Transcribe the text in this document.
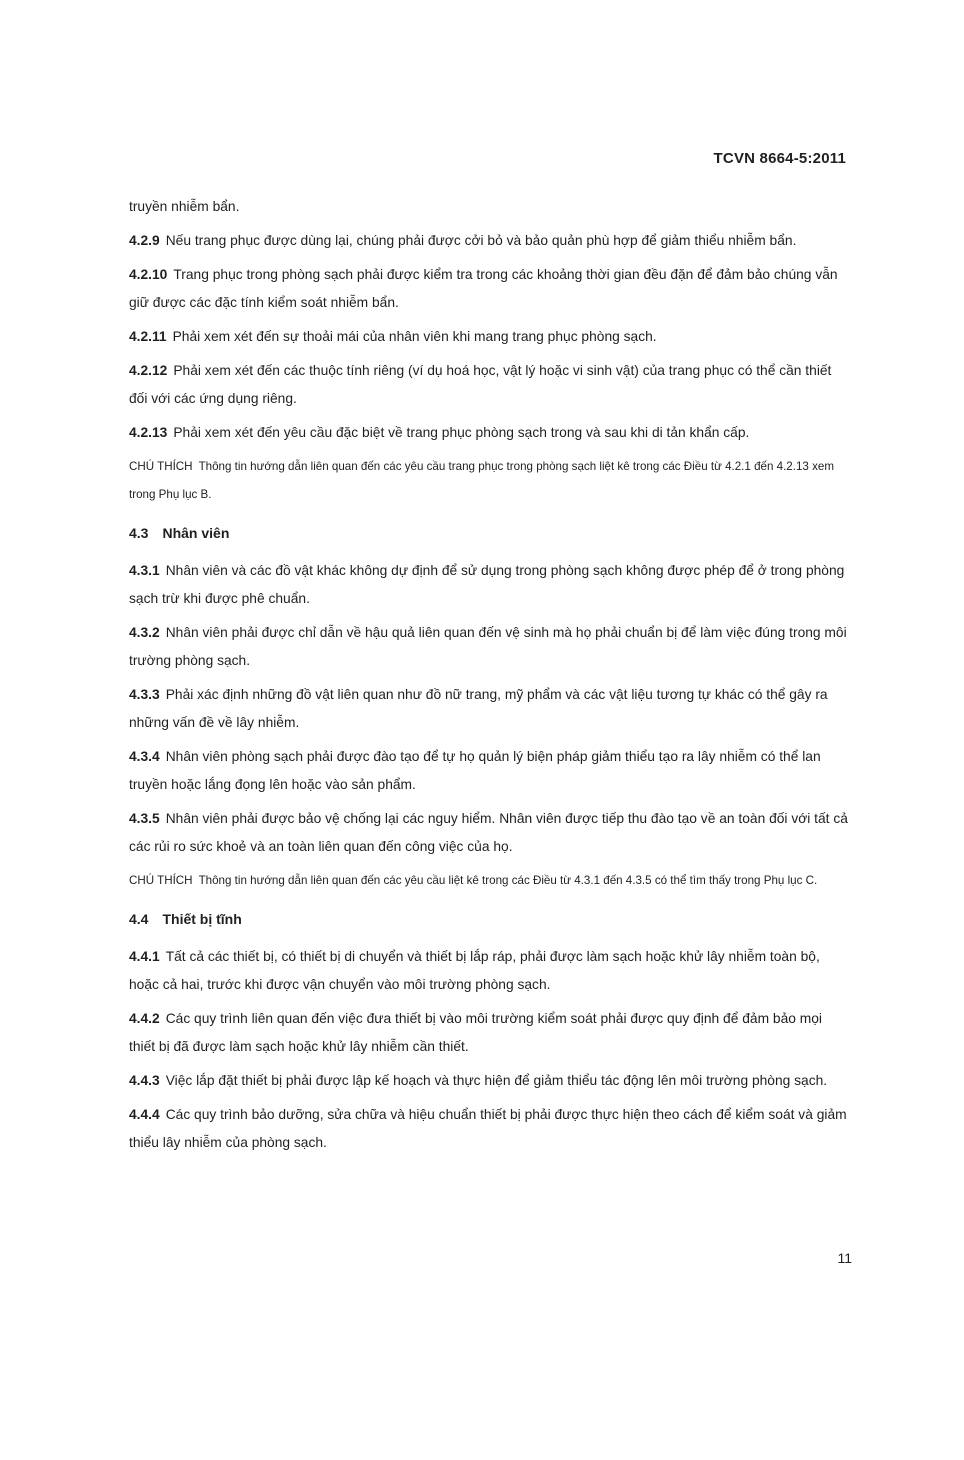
TCVN 8664-5:2011

truyền nhiễm bẩn.

4.2.9 Nếu trang phục được dùng lại, chúng phải được cởi bỏ và bảo quản phù hợp để giảm thiểu nhiễm bẩn.

4.2.10 Trang phục trong phòng sạch phải được kiểm tra trong các khoảng thời gian đều đặn để đảm bảo chúng vẫn giữ được các đặc tính kiểm soát nhiễm bẩn.

4.2.11 Phải xem xét đến sự thoải mái của nhân viên khi mang trang phục phòng sạch.

4.2.12 Phải xem xét đến các thuộc tính riêng (ví dụ hoá học, vật lý hoặc vi sinh vật) của trang phục có thể cần thiết đối với các ứng dụng riêng.

4.2.13 Phải xem xét đến yêu cầu đặc biệt về trang phục phòng sạch trong và sau khi di tản khẩn cấp.

CHÚ THÍCH Thông tin hướng dẫn liên quan đến các yêu cầu trang phục trong phòng sạch liệt kê trong các Điều từ 4.2.1 đến 4.2.13 xem trong Phụ lục B.

4.3 Nhân viên

4.3.1 Nhân viên và các đồ vật khác không dự định để sử dụng trong phòng sạch không được phép để ở trong phòng sạch trừ khi được phê chuẩn.

4.3.2 Nhân viên phải được chỉ dẫn về hậu quả liên quan đến vệ sinh mà họ phải chuẩn bị để làm việc đúng trong môi trường phòng sạch.

4.3.3 Phải xác định những đồ vật liên quan như đồ nữ trang, mỹ phẩm và các vật liệu tương tự khác có thể gây ra những vấn đề về lây nhiễm.

4.3.4 Nhân viên phòng sạch phải được đào tạo để tự họ quản lý biện pháp giảm thiểu tạo ra lây nhiễm có thể lan truyền hoặc lắng đọng lên hoặc vào sản phẩm.

4.3.5 Nhân viên phải được bảo vệ chống lại các nguy hiểm. Nhân viên được tiếp thu đào tạo về an toàn đối với tất cả các rủi ro sức khoẻ và an toàn liên quan đến công việc của họ.

CHÚ THÍCH Thông tin hướng dẫn liên quan đến các yêu cầu liệt kê trong các Điều từ 4.3.1 đến 4.3.5 có thể tìm thấy trong Phụ lục C.

4.4 Thiết bị tĩnh

4.4.1 Tất cả các thiết bị, có thiết bị di chuyển và thiết bị lắp ráp, phải được làm sạch hoặc khử lây nhiễm toàn bộ, hoặc cả hai, trước khi được vận chuyển vào môi trường phòng sạch.

4.4.2 Các quy trình liên quan đến việc đưa thiết bị vào môi trường kiểm soát phải được quy định để đảm bảo mọi thiết bị đã được làm sạch hoặc khử lây nhiễm cần thiết.

4.4.3 Việc lắp đặt thiết bị phải được lập kế hoạch và thực hiện để giảm thiểu tác động lên môi trường phòng sạch.

4.4.4 Các quy trình bảo dưỡng, sửa chữa và hiệu chuẩn thiết bị phải được thực hiện theo cách để kiểm soát và giảm thiểu lây nhiễm của phòng sạch.

11
